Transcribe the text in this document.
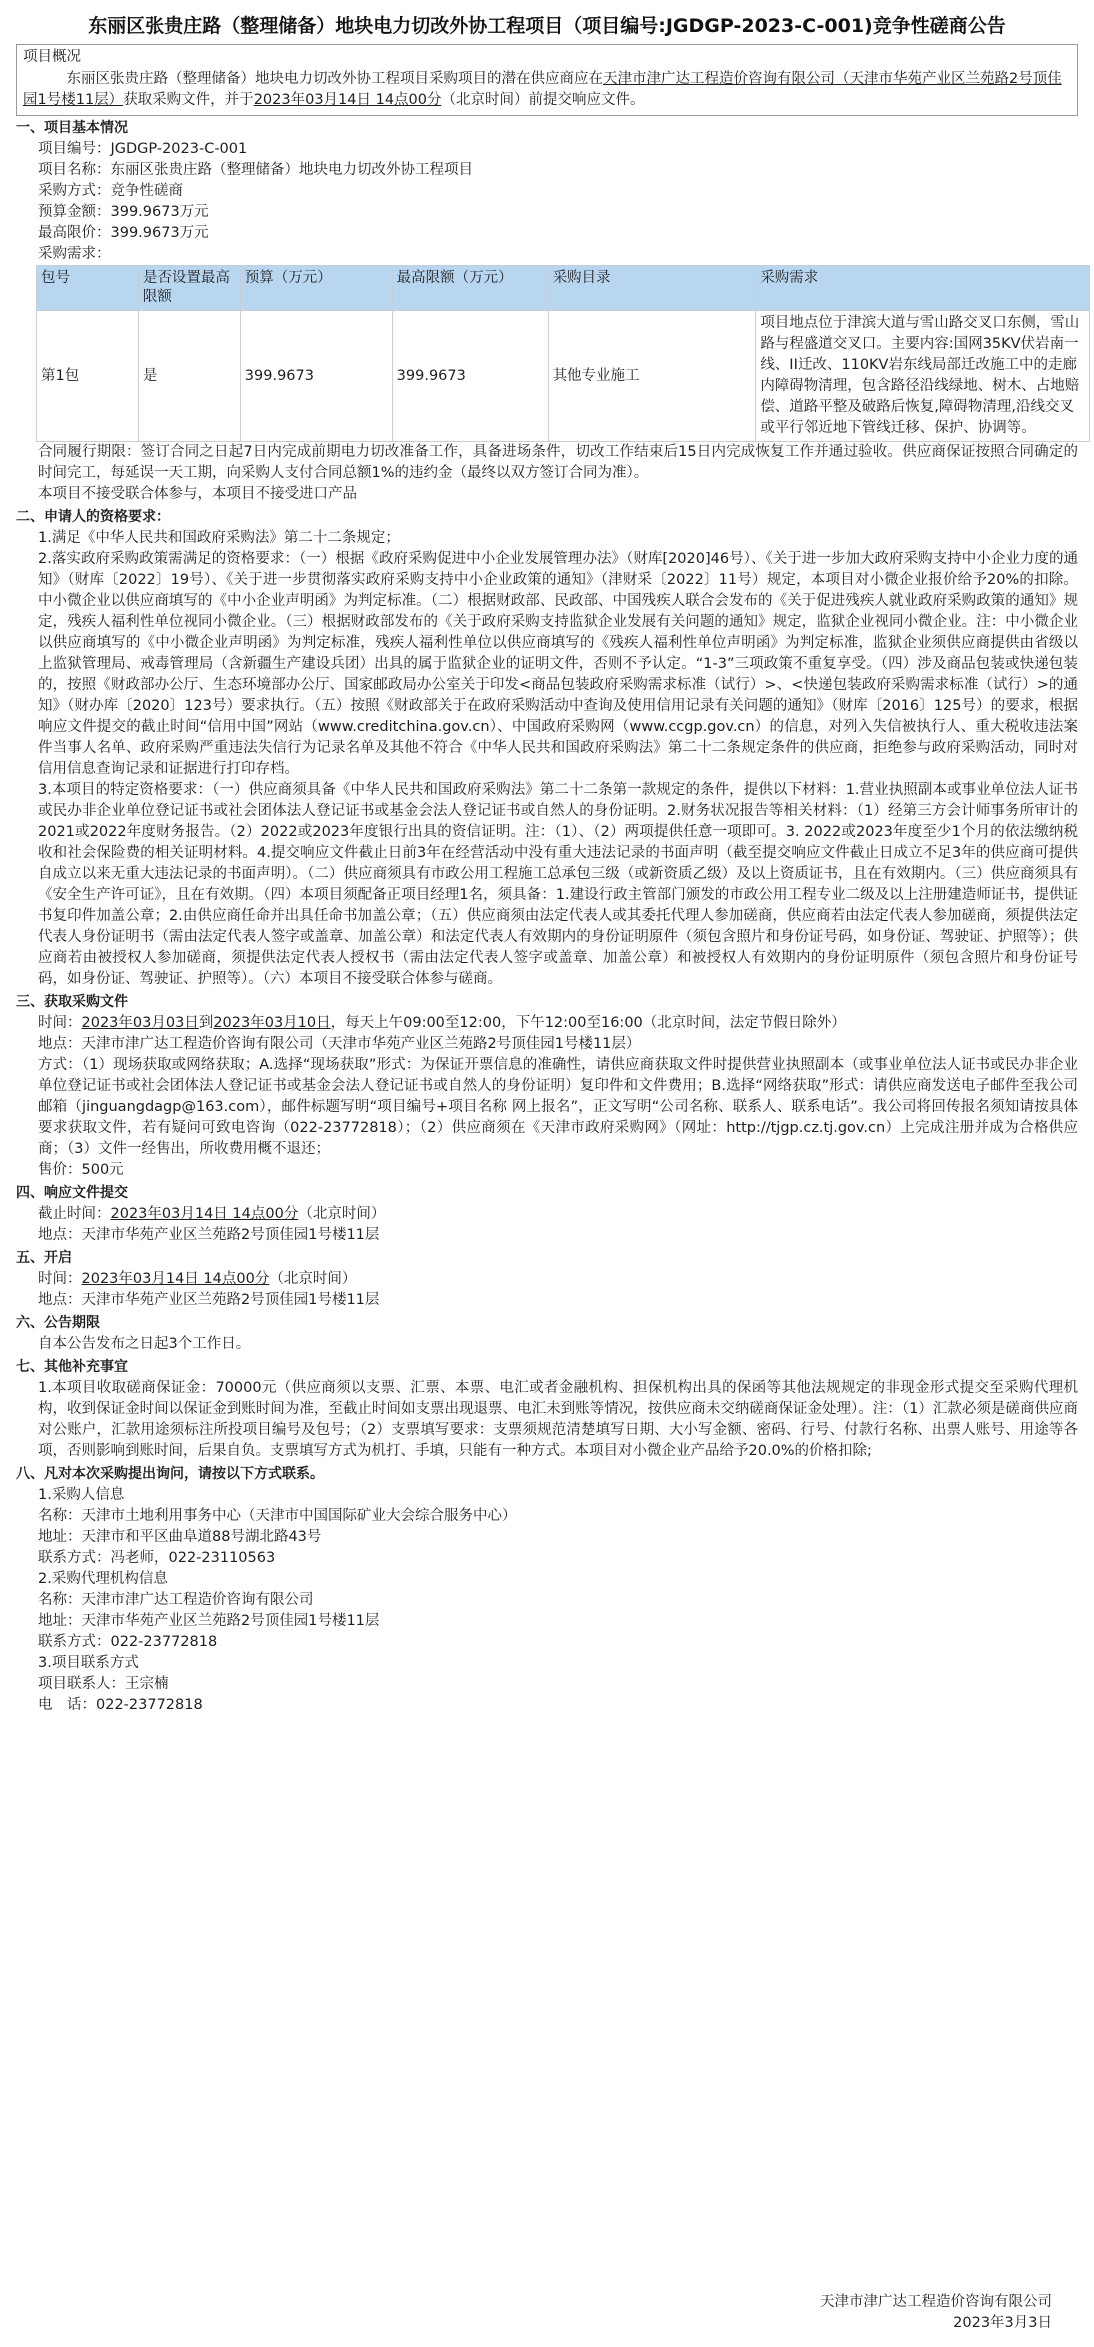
东丽区张贵庄路（整理储备）地块电力切改外协工程项目（项目编号:JGDGP-2023-C-001)竞争性磋商公告
项目概况

东丽区张贵庄路（整理储备）地块电力切改外协工程项目采购项目的潜在供应商应在天津市津广达工程造价咨询有限公司（天津市华苑产业区兰苑路2号顶佳园1号楼11层）获取采购文件，并于2023年03月14日 14点00分（北京时间）前提交响应文件。

一、项目基本情况
项目编号：JGDGP-2023-C-001
项目名称：东丽区张贵庄路（整理储备）地块电力切改外协工程项目
采购方式：竞争性磋商
预算金额：399.9673万元
最高限价：399.9673万元
采购需求：
包号	是否设置最高限额	预算（万元）	最高限额（万元）	采购目录	采购需求
第1包	是	399.9673	399.9673	其他专业施工	项目地点位于津滨大道与雪山路交叉口东侧，雪山路与程盛道交叉口。主要内容:国网35KV伏岩南一线、II迁改、110KV岩东线局部迁改施工中的走廊内障碍物清理，包含路径沿线绿地、树木、占地赔偿、道路平整及破路后恢复,障碍物清理,沿线交叉或平行邻近地下管线迁移、保护、协调等。

合同履行期限：签订合同之日起7日内完成前期电力切改准备工作，具备进场条件，切改工作结束后15日内完成恢复工作并通过验收。供应商保证按照合同确定的时间完工，每延误一天工期，向采购人支付合同总额1%的违约金（最终以双方签订合同为准）。

本项目不接受联合体参与，本项目不接受进口产品

二、申请人的资格要求：

1.满足《中华人民共和国政府采购法》第二十二条规定；

2.落实政府采购政策需满足的资格要求：（一）根据《政府采购促进中小企业发展管理办法》（财库[2020]46号）、《关于进一步加大政府采购支持中小企业力度的通知》（财库〔2022〕19号）、《关于进一步贯彻落实政府采购支持中小企业政策的通知》（津财采〔2022〕11号）规定，本项目对小微企业报价给予20%的扣除。中小微企业以供应商填写的《中小企业声明函》为判定标准。（二）根据财政部、民政部、中国残疾人联合会发布的《关于促进残疾人就业政府采购政策的通知》规定，残疾人福利性单位视同小微企业。（三）根据财政部发布的《关于政府采购支持监狱企业发展有关问题的通知》规定，监狱企业视同小微企业。注：中小微企业以供应商填写的《中小微企业声明函》为判定标准，残疾人福利性单位以供应商填写的《残疾人福利性单位声明函》为判定标准，监狱企业须供应商提供由省级以上监狱管理局、戒毒管理局（含新疆生产建设兵团）出具的属于监狱企业的证明文件，否则不予认定。“1-3”三项政策不重复享受。（四）涉及商品包装或快递包装的，按照《财政部办公厅、生态环境部办公厅、国家邮政局办公室关于印发<商品包装政府采购需求标准（试行）>、<快递包装政府采购需求标准（试行）>的通知》（财办库〔2020〕123号）要求执行。（五）按照《财政部关于在政府采购活动中查询及使用信用记录有关问题的通知》（财库〔2016〕125号）的要求，根据响应文件提交的截止时间“信用中国”网站（www.creditchina.gov.cn）、中国政府采购网（www.ccgp.gov.cn）的信息，对列入失信被执行人、重大税收违法案件当事人名单、政府采购严重违法失信行为记录名单及其他不符合《中华人民共和国政府采购法》第二十二条规定条件的供应商，拒绝参与政府采购活动，同时对信用信息查询记录和证据进行打印存档。

3.本项目的特定资格要求：（一）供应商须具备《中华人民共和国政府采购法》第二十二条第一款规定的条件，提供以下材料：1.营业执照副本或事业单位法人证书或民办非企业单位登记证书或社会团体法人登记证书或基金会法人登记证书或自然人的身份证明。2.财务状况报告等相关材料：（1）经第三方会计师事务所审计的2021或2022年度财务报告。（2）2022或2023年度银行出具的资信证明。注：（1）、（2）两项提供任意一项即可。3. 2022或2023年度至少1个月的依法缴纳税收和社会保险费的相关证明材料。4.提交响应文件截止日前3年在经营活动中没有重大违法记录的书面声明（截至提交响应文件截止日成立不足3年的供应商可提供自成立以来无重大违法记录的书面声明）。（二）供应商须具有市政公用工程施工总承包三级（或新资质乙级）及以上资质证书，且在有效期内。（三）供应商须具有《安全生产许可证》，且在有效期。（四）本项目须配备正项目经理1名，须具备：1.建设行政主管部门颁发的市政公用工程专业二级及以上注册建造师证书，提供证书复印件加盖公章；2.由供应商任命并出具任命书加盖公章；（五）供应商须由法定代表人或其委托代理人参加磋商，供应商若由法定代表人参加磋商，须提供法定代表人身份证明书（需由法定代表人签字或盖章、加盖公章）和法定代表人有效期内的身份证明原件（须包含照片和身份证号码，如身份证、驾驶证、护照等）；供应商若由被授权人参加磋商，须提供法定代表人授权书（需由法定代表人签字或盖章、加盖公章）和被授权人有效期内的身份证明原件（须包含照片和身份证号码，如身份证、驾驶证、护照等）。（六）本项目不接受联合体参与磋商。

三、获取采购文件

时间：2023年03月03日到2023年03月10日，每天上午09:00至12:00，下午12:00至16:00（北京时间，法定节假日除外）

地点：天津市津广达工程造价咨询有限公司（天津市华苑产业区兰苑路2号顶佳园1号楼11层）

方式：（1）现场获取或网络获取；A.选择“现场获取”形式：为保证开票信息的准确性，请供应商获取文件时提供营业执照副本（或事业单位法人证书或民办非企业单位登记证书或社会团体法人登记证书或基金会法人登记证书或自然人的身份证明）复印件和文件费用；B.选择“网络获取”形式：请供应商发送电子邮件至我公司邮箱（jinguangdagp@163.com），邮件标题写明“项目编号+项目名称 网上报名”，正文写明“公司名称、联系人、联系电话”。我公司将回传报名须知请按具体要求获取文件，若有疑问可致电咨询（022-23772818）；（2）供应商须在《天津市政府采购网》（网址：http://tjgp.cz.tj.gov.cn）上完成注册并成为合格供应商；（3）文件一经售出，所收费用概不退还；

售价：500元

四、响应文件提交

截止时间：2023年03月14日 14点00分（北京时间）

地点：天津市华苑产业区兰苑路2号顶佳园1号楼11层

五、开启

时间：2023年03月14日 14点00分（北京时间）

地点：天津市华苑产业区兰苑路2号顶佳园1号楼11层

六、公告期限

自本公告发布之日起3个工作日。

七、其他补充事宜

1.本项目收取磋商保证金：70000元（供应商须以支票、汇票、本票、电汇或者金融机构、担保机构出具的保函等其他法规规定的非现金形式提交至采购代理机构，收到保证金时间以保证金到账时间为准，至截止时间如支票出现退票、电汇未到账等情况，按供应商未交纳磋商保证金处理）。注：（1）汇款必须是磋商供应商对公账户，汇款用途须标注所投项目编号及包号；（2）支票填写要求：支票须规范清楚填写日期、大小写金额、密码、行号、付款行名称、出票人账号、用途等各项，否则影响到账时间，后果自负。支票填写方式为机打、手填，只能有一种方式。本项目对小微企业产品给予20.0%的价格扣除;

八、凡对本次采购提出询问，请按以下方式联系。

1.采购人信息

名称：天津市土地利用事务中心（天津市中国国际矿业大会综合服务中心）

地址：天津市和平区曲阜道88号湖北路43号

联系方式：冯老师，022-23110563

2.采购代理机构信息

名称：天津市津广达工程造价咨询有限公司

地址：天津市华苑产业区兰苑路2号顶佳园1号楼11层

联系方式：022-23772818

3.项目联系方式

项目联系人：王宗楠

电　话：022-23772818

天津市津广达工程造价咨询有限公司
2023年3月3日
